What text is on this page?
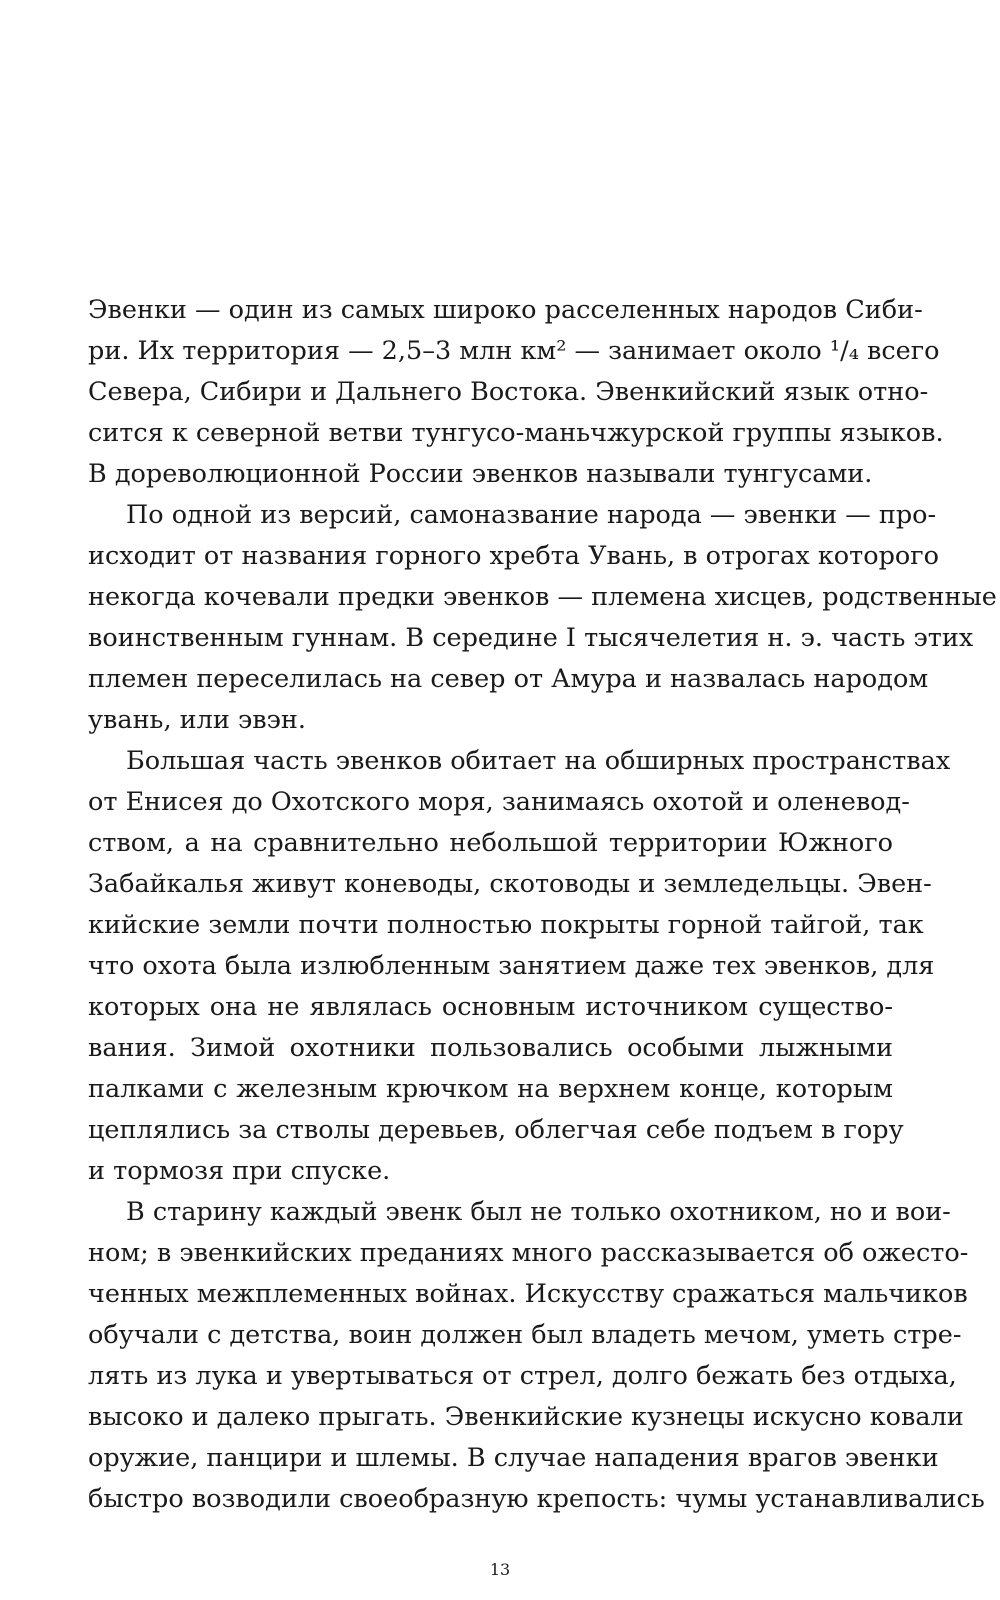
Эвенки — один из самых широко расселенных народов Сиби-
ри. Их территория — 2,5–3 млн км² — занимает около ¹/₄ всего
Севера, Сибири и Дальнего Востока. Эвенкийский язык отно-
сится к северной ветви тунгусо-маньчжурской группы языков.
В дореволюционной России эвенков называли тунгусами.
По одной из версий, самоназвание народа — эвенки — про-
исходит от названия горного хребта Увань, в отрогах которого
некогда кочевали предки эвенков — племена хисцев, родственные
воинственным гуннам. В середине I тысячелетия н. э. часть этих
племен переселилась на север от Амура и назвалась народом
увань, или эвэн.
Большая часть эвенков обитает на обширных пространствах
от Енисея до Охотского моря, занимаясь охотой и оленевод-
ством, а на сравнительно небольшой территории Южного
Забайкалья живут коневоды, скотоводы и земледельцы. Эвен-
кийские земли почти полностью покрыты горной тайгой, так
что охота была излюбленным занятием даже тех эвенков, для
которых она не являлась основным источником существо-
вания. Зимой охотники пользовались особыми лыжными
палками с железным крючком на верхнем конце, которым
цеплялись за стволы деревьев, облегчая себе подъем в гору
и тормозя при спуске.
В старину каждый эвенк был не только охотником, но и вои-
ном; в эвенкийских преданиях много рассказывается об ожесто-
ченных межплеменных войнах. Искусству сражаться мальчиков
обучали с детства, воин должен был владеть мечом, уметь стре-
лять из лука и увертываться от стрел, долго бежать без отдыха,
высоко и далеко прыгать. Эвенкийские кузнецы искусно ковали
оружие, панцири и шлемы. В случае нападения врагов эвенки
быстро возводили своеобразную крепость: чумы устанавливались
13
